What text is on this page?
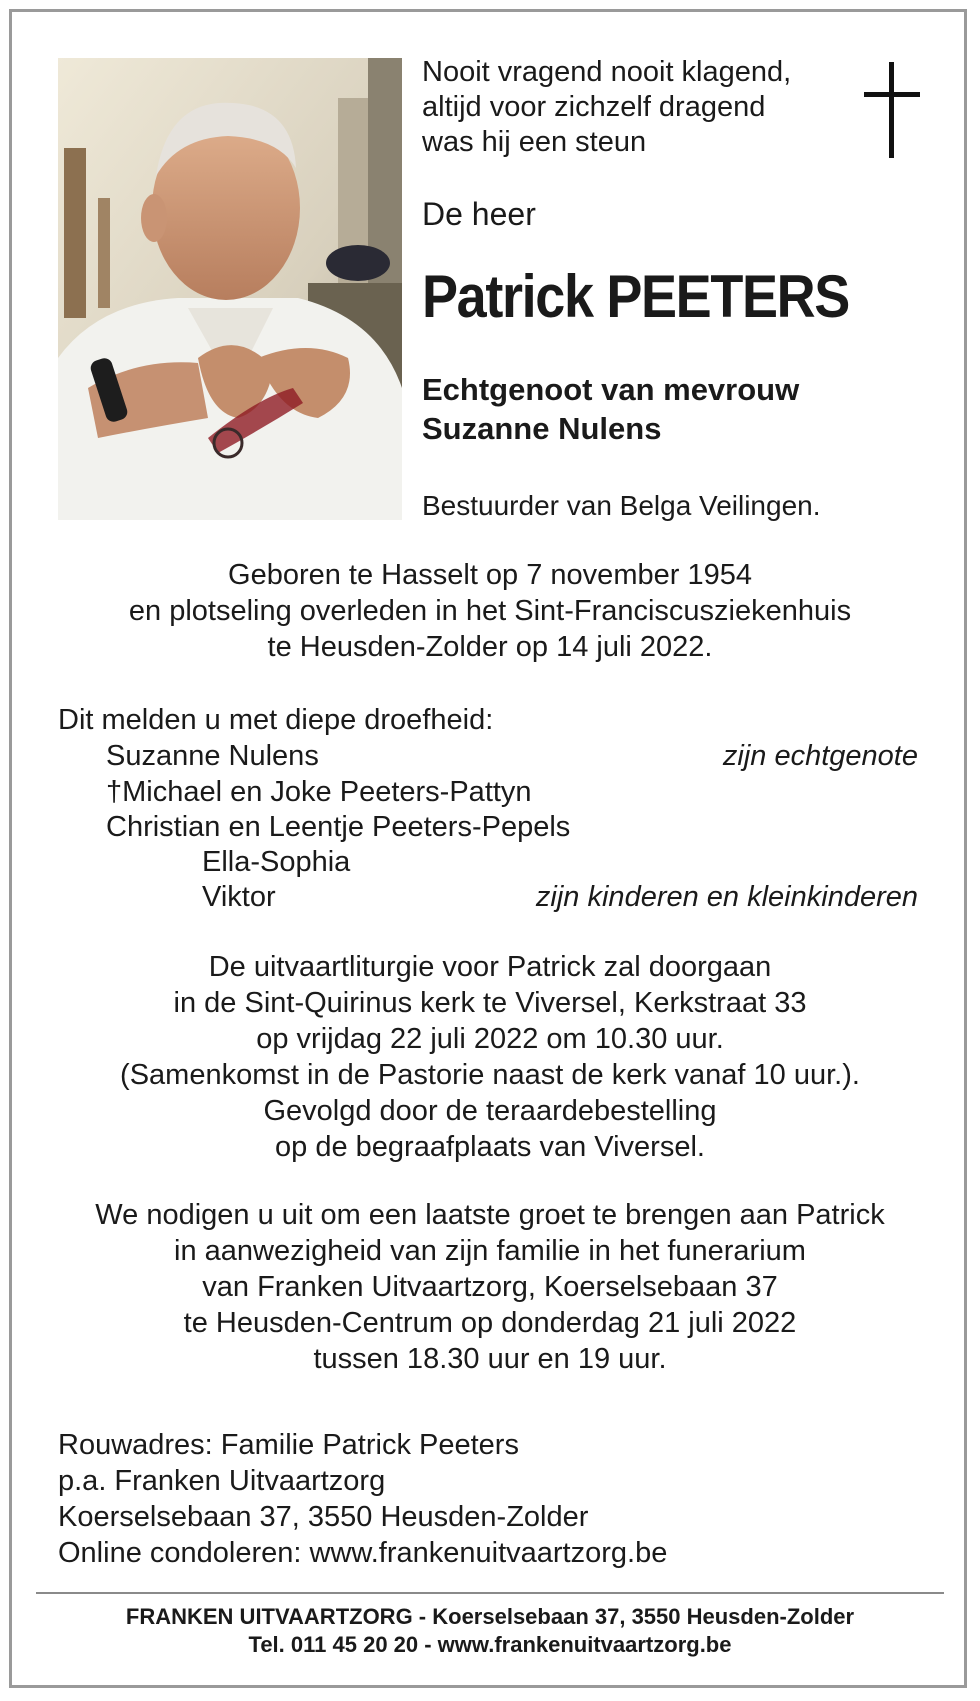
Nooit vragend nooit klagend,
altijd voor zichzelf dragend
was hij een steun
De heer
Patrick PEETERS
Echtgenoot van mevrouw
Suzanne Nulens
Bestuurder van Belga Veilingen.
Geboren te Hasselt op 7 november 1954
en plotseling overleden in het Sint-Franciscusziekenhuis
te Heusden-Zolder op 14 juli 2022.
Dit melden u met diepe droefheid:
Suzanne Nulens	zijn echtgenote
†Michael en Joke Peeters-Pattyn
Christian en Leentje Peeters-Pepels
Ella-Sophia
Viktor	zijn kinderen en kleinkinderen
De uitvaartliturgie voor Patrick zal doorgaan
in de Sint-Quirinus kerk te Viversel, Kerkstraat 33
op vrijdag 22 juli 2022 om 10.30 uur.
(Samenkomst in de Pastorie naast de kerk vanaf 10 uur.).
Gevolgd door de teraardebestelling
op de begraafplaats van Viversel.
We nodigen u uit om een laatste groet te brengen aan Patrick
in aanwezigheid van zijn familie in het funerarium
van Franken Uitvaartzorg, Koerselsebaan 37
te Heusden-Centrum op donderdag 21 juli 2022
tussen 18.30 uur en 19 uur.
Rouwadres: Familie Patrick Peeters
p.a. Franken Uitvaartzorg
Koerselsebaan 37, 3550 Heusden-Zolder
Online condoleren: www.frankenuitvaartzorg.be
FRANKEN UITVAARTZORG - Koerselsebaan 37, 3550 Heusden-Zolder
Tel. 011 45 20 20 - www.frankenuitvaartzorg.be
